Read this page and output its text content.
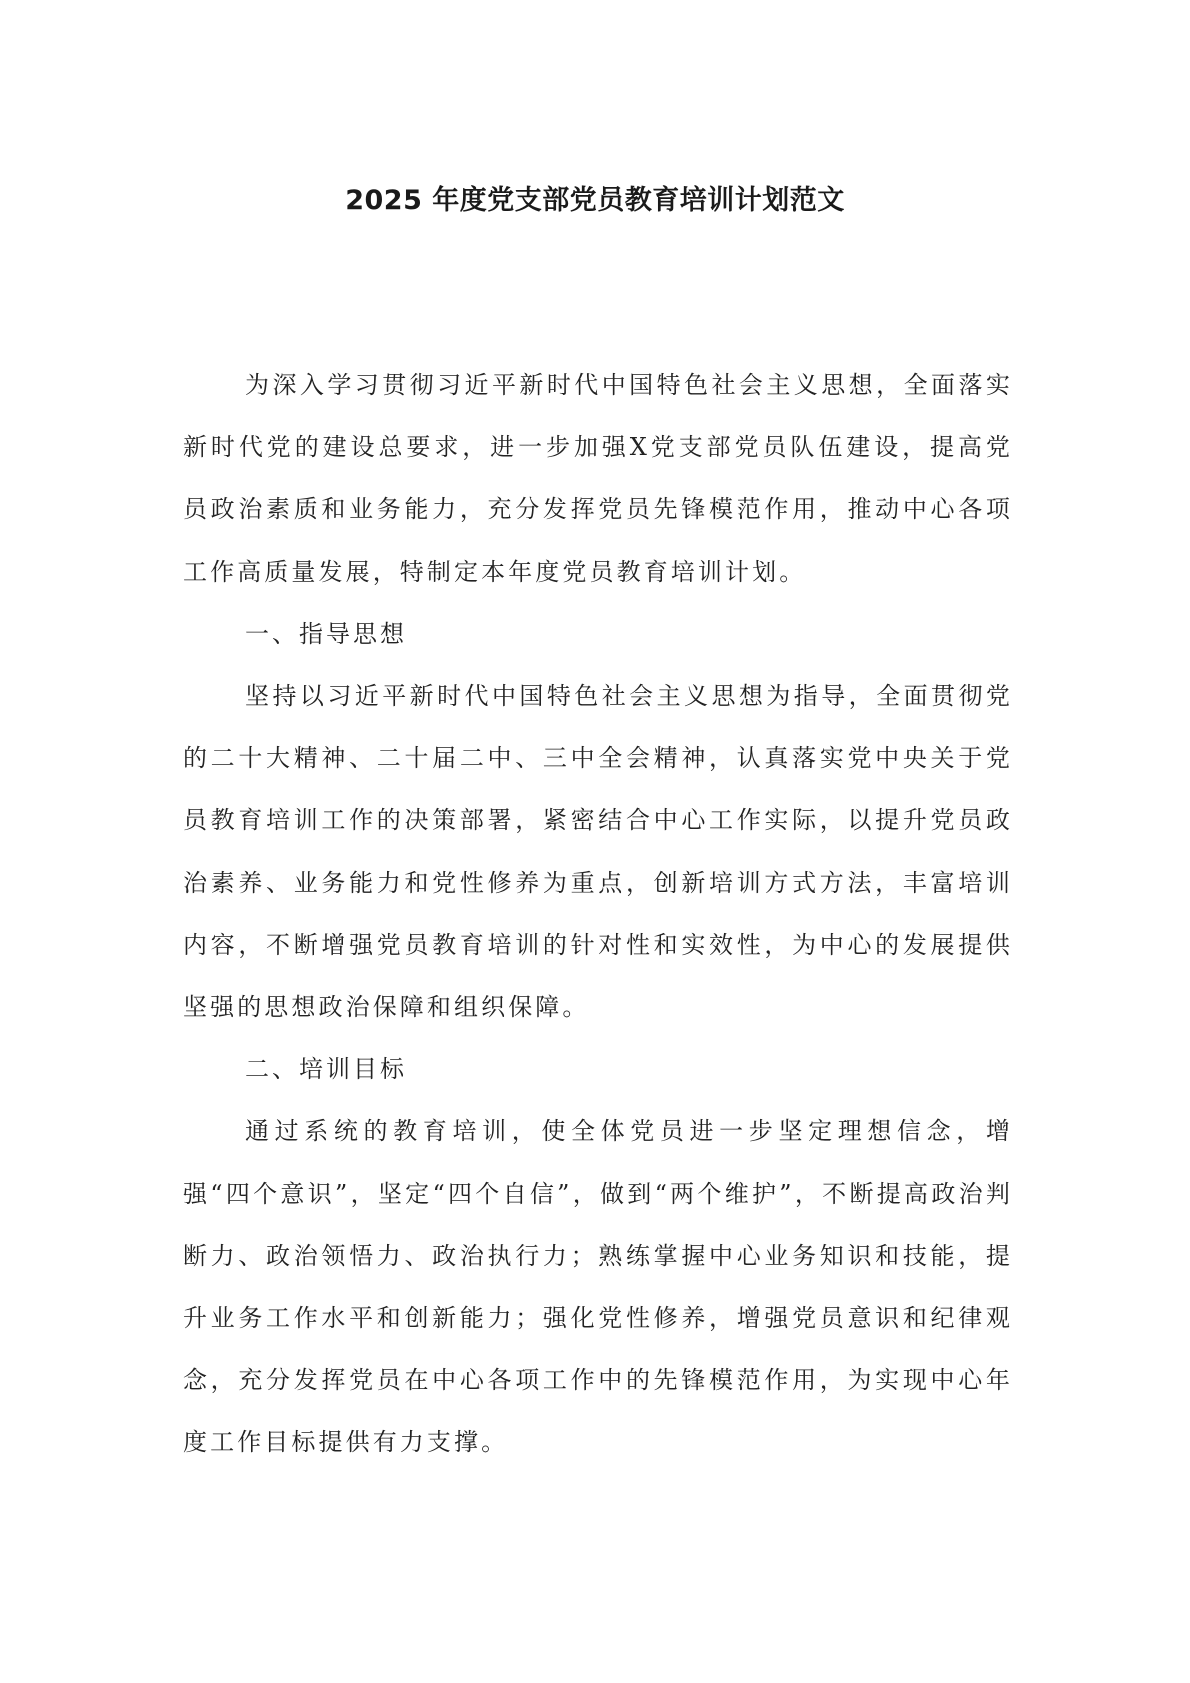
2025 年度党支部党员教育培训计划范文

为深入学习贯彻习近平新时代中国特色社会主义思想，全面落实新时代党的建设总要求，进一步加强X党支部党员队伍建设，提高党员政治素质和业务能力，充分发挥党员先锋模范作用，推动中心各项工作高质量发展，特制定本年度党员教育培训计划。

一、指导思想

坚持以习近平新时代中国特色社会主义思想为指导，全面贯彻党的二十大精神、二十届二中、三中全会精神，认真落实党中央关于党员教育培训工作的决策部署，紧密结合中心工作实际，以提升党员政治素养、业务能力和党性修养为重点，创新培训方式方法，丰富培训内容，不断增强党员教育培训的针对性和实效性，为中心的发展提供坚强的思想政治保障和组织保障。

二、培训目标

通过系统的教育培训，使全体党员进一步坚定理想信念，增强“四个意识”，坚定“四个自信”，做到“两个维护”，不断提高政治判断力、政治领悟力、政治执行力；熟练掌握中心业务知识和技能，提升业务工作水平和创新能力；强化党性修养，增强党员意识和纪律观念，充分发挥党员在中心各项工作中的先锋模范作用，为实现中心年度工作目标提供有力支撑。
